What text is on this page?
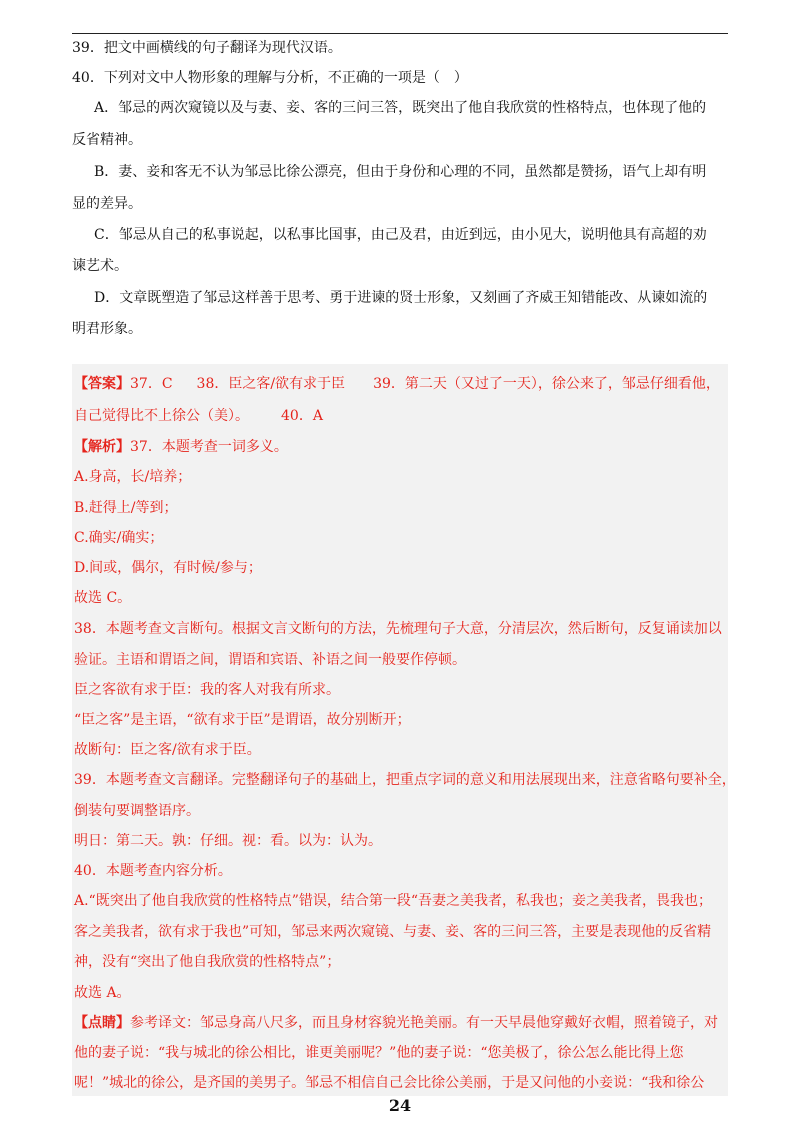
39．把文中画横线的句子翻译为现代汉语。
40．下列对文中人物形象的理解与分析，不正确的一项是（　）
A．邹忌的两次窥镜以及与妻、妾、客的三问三答，既突出了他自我欣赏的性格特点，也体现了他的
反省精神。
B．妻、妾和客无不认为邹忌比徐公漂亮，但由于身份和心理的不同，虽然都是赞扬，语气上却有明
显的差异。
C．邹忌从自己的私事说起，以私事比国事，由己及君，由近到远，由小见大，说明他具有高超的劝
谏艺术。
D．文章既塑造了邹忌这样善于思考、勇于进谏的贤士形象，又刻画了齐威王知错能改、从谏如流的
明君形象。
【答案】37．C 38．臣之客/欲有求于臣 39．第二天（又过了一天），徐公来了，邹忌仔细看他，
自己觉得比不上徐公（美）。 40．A
【解析】37．本题考查一词多义。
A.身高，长/培养；
B.赶得上/等到；
C.确实/确实；
D.间或，偶尔，有时候/参与；
故选 C。
38．本题考查文言断句。根据文言文断句的方法，先梳理句子大意，分清层次，然后断句，反复诵读加以
验证。主语和谓语之间，谓语和宾语、补语之间一般要作停顿。
臣之客欲有求于臣：我的客人对我有所求。
“臣之客”是主语，“欲有求于臣”是谓语，故分别断开；
故断句：臣之客/欲有求于臣。
39．本题考查文言翻译。完整翻译句子的基础上，把重点字词的意义和用法展现出来，注意省略句要补全，
倒装句要调整语序。
明日：第二天。孰：仔细。视：看。以为：认为。
40．本题考查内容分析。
A.“既突出了他自我欣赏的性格特点”错误，结合第一段“吾妻之美我者，私我也；妾之美我者，畏我也；
客之美我者，欲有求于我也”可知，邹忌来两次窥镜、与妻、妾、客的三问三答，主要是表现他的反省精
神，没有“突出了他自我欣赏的性格特点”；
故选 A。
【点睛】参考译文：邹忌身高八尺多，而且身材容貌光艳美丽。有一天早晨他穿戴好衣帽，照着镜子，对
他的妻子说：“我与城北的徐公相比，谁更美丽呢？”他的妻子说：“您美极了，徐公怎么能比得上您
呢！”城北的徐公，是齐国的美男子。邹忌不相信自己会比徐公美丽，于是又问他的小妾说：“我和徐公
24
